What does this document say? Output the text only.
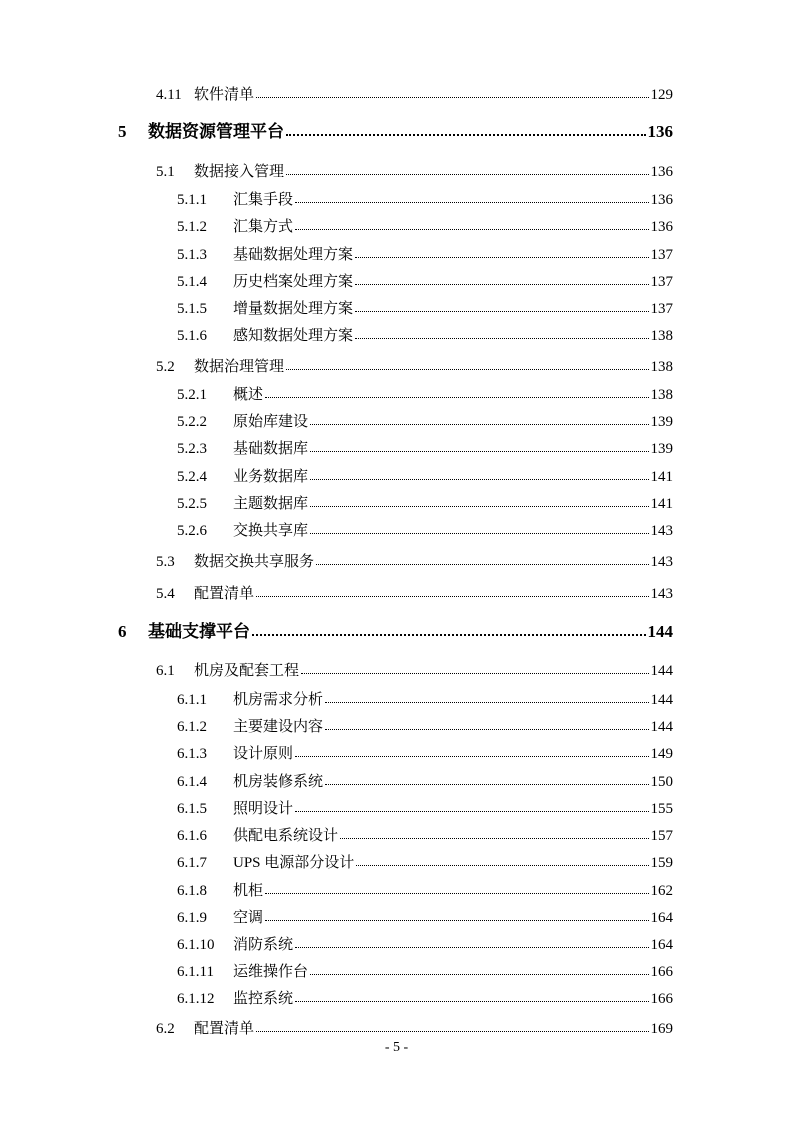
4.11 软件清单	129
5	数据资源管理平台	136
5.1	数据接入管理	136
5.1.1	汇集手段	136
5.1.2	汇集方式	136
5.1.3	基础数据处理方案	137
5.1.4	历史档案处理方案	137
5.1.5	增量数据处理方案	137
5.1.6	感知数据处理方案	138
5.2	数据治理管理	138
5.2.1	概述	138
5.2.2	原始库建设	139
5.2.3	基础数据库	139
5.2.4	业务数据库	141
5.2.5	主题数据库	141
5.2.6	交换共享库	143
5.3	数据交换共享服务	143
5.4	配置清单	143
6	基础支撑平台	144
6.1	机房及配套工程	144
6.1.1	机房需求分析	144
6.1.2	主要建设内容	144
6.1.3	设计原则	149
6.1.4	机房装修系统	150
6.1.5	照明设计	155
6.1.6	供配电系统设计	157
6.1.7	UPS 电源部分设计	159
6.1.8	机柜	162
6.1.9	空调	164
6.1.10	消防系统	164
6.1.11	运维操作台	166
6.1.12	监控系统	166
6.2	配置清单	169
- 5 -
